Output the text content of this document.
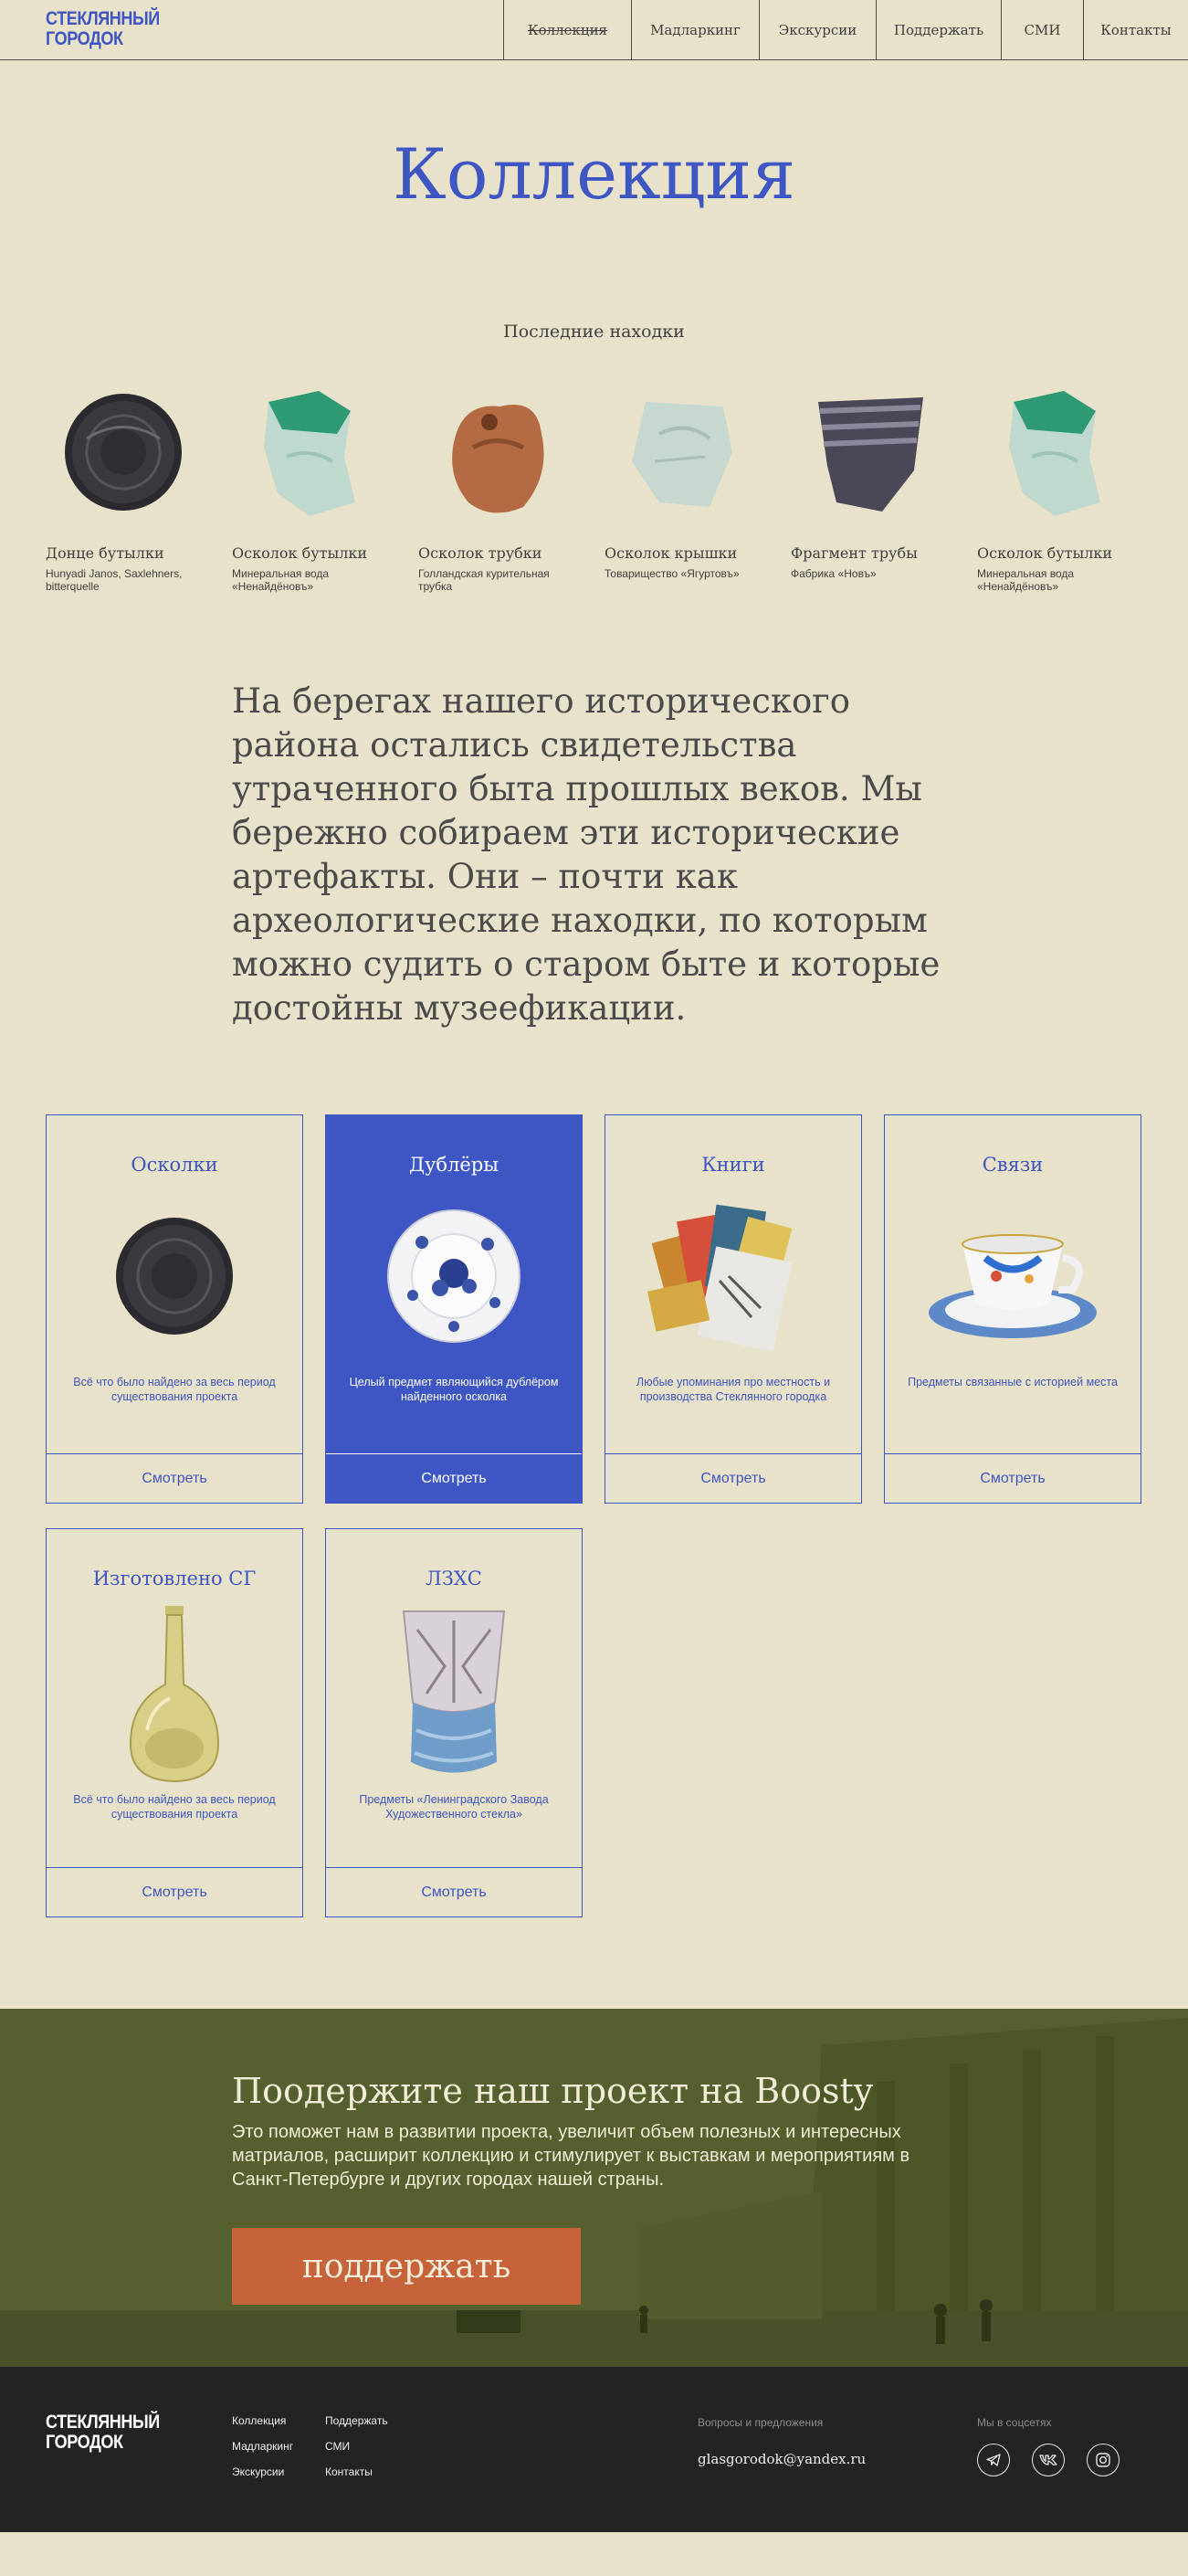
СТЕКЛЯННЫЙ
ГОРОДОК	Коллекция	Мадларкинг	Экскурсии	Поддержать	СМИ	Контакты
Коллекция
Последние находки
Донце бутылки
Hunyadi Janos, Saxlehners, bitterquelle
Осколок бутылки
Минеральная вода «Ненайдёновъ»
Осколок трубки
Голландская курительная трубка
Осколок крышки
Товарищество «Ягуртовъ»
Фрагмент трубы
Фабрика «Новъ»
Осколок бутылки
Минеральная вода «Ненайдёновъ»

На берегах нашего исторического района остались свидетельства утраченного быта прошлых веков. Мы бережно собираем эти исторические артефакты. Они – почти как археологические находки, по которым можно судить о старом быте и которые достойны музеефикации.

Осколки
Всё что было найдено за весь период существования проекта
Смотреть
Дублёры
Целый предмет являющийся дублёром найденного осколка
Смотреть
Книги
Любые упоминания про местность и производства Стеклянного городка
Смотреть
Связи
Предметы связанные с историей места
Смотреть
Изготовлено СГ
Всё что было найдено за весь период существования проекта
Смотреть
ЛЗХС
Предметы «Ленинградского Завода Художественного стекла»
Смотреть
Поодержите наш проект на Boosty
Это поможет нам в развитии проекта, увеличит объем полезных и интересных матриалов, расширит коллекцию и стимулирует к выставкам и мероприятиям в Санкт-Петербурге и других городах нашей страны.
поддержать
СТЕКЛЯННЫЙ
ГОРОДОК
Коллекция	Поддержать
Мадларкинг	СМИ
Экскурсии	Контакты
Вопросы и предложения
glasgorodok@yandex.ru
Мы в соцсетях
